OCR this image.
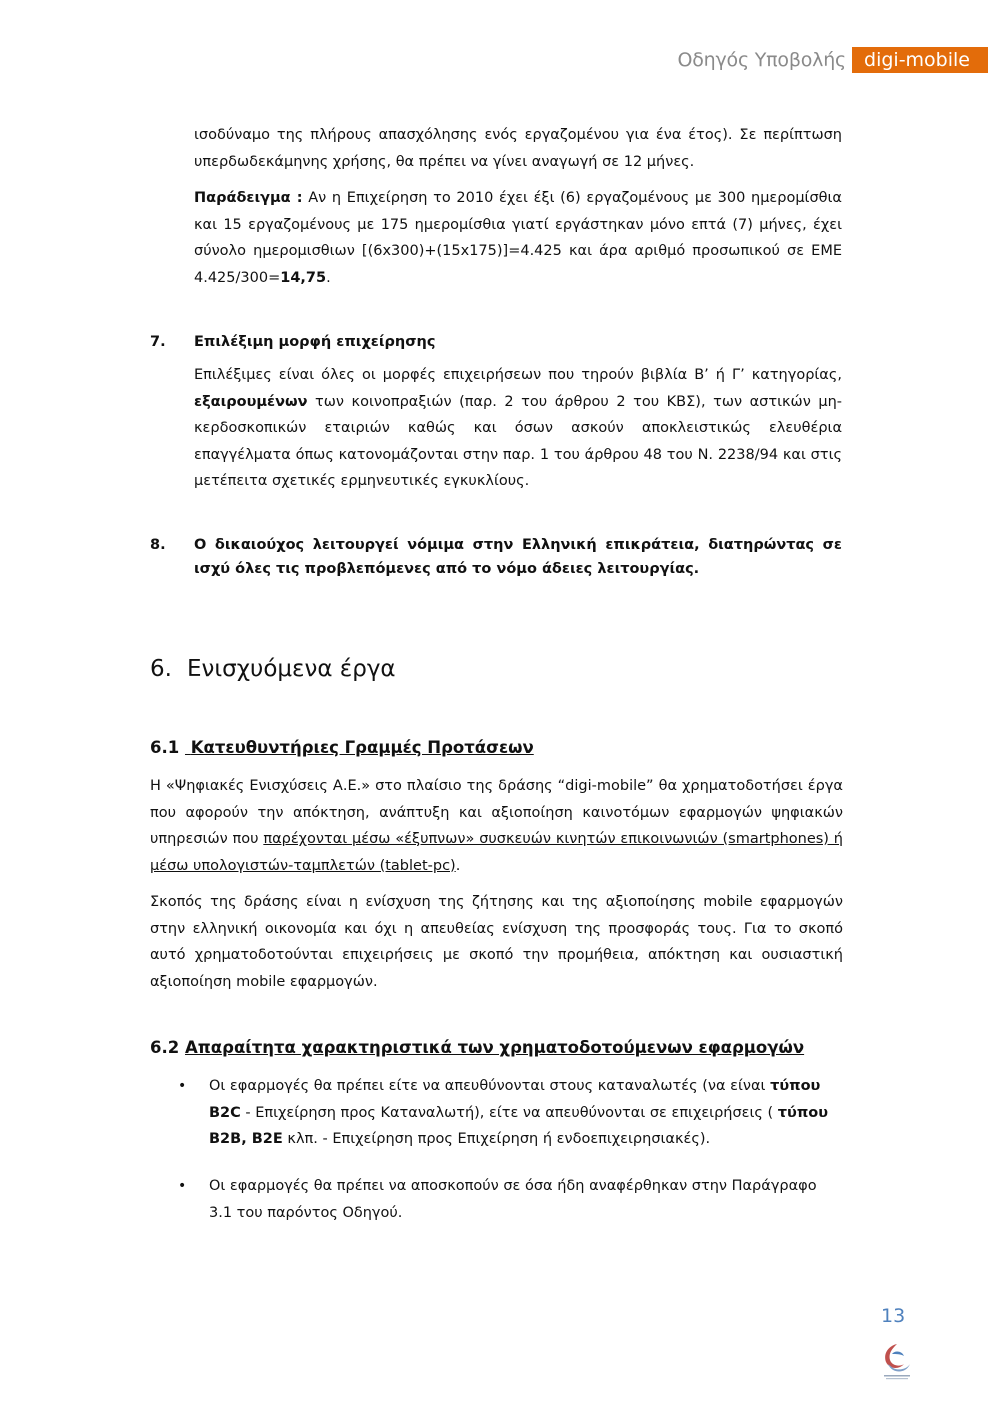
Οδηγός Υποβολής digi-mobile

ισοδύναμο της πλήρους απασχόλησης ενός εργαζομένου για ένα έτος). Σε περίπτωση υπερδωδεκάμηνης χρήσης, θα πρέπει να γίνει αναγωγή σε 12 μήνες.

Παράδειγμα : Αν η Επιχείρηση το 2010 έχει έξι (6) εργαζομένους με 300 ημερομίσθια και 15 εργαζομένους με 175 ημερομίσθια γιατί εργάστηκαν μόνο επτά (7) μήνες, έχει σύνολο ημερομισθιων [(6x300)+(15x175)]=4.425 και άρα αριθμό προσωπικού σε ΕΜΕ 4.425/300=14,75.

7. Επιλέξιμη μορφή επιχείρησης

Επιλέξιμες είναι όλες οι μορφές επιχειρήσεων που τηρούν βιβλία Β’ ή Γ’ κατηγορίας, εξαιρουμένων των κοινοπραξιών (παρ. 2 του άρθρου 2 του ΚΒΣ), των αστικών μη-κερδοσκοπικών εταιριών καθώς και όσων ασκούν αποκλειστικώς ελευθέρια επαγγέλματα όπως κατονομάζονται στην παρ. 1 του άρθρου 48 του Ν. 2238/94 και στις μετέπειτα σχετικές ερμηνευτικές εγκυκλίους.

8. Ο δικαιούχος λειτουργεί νόμιμα στην Ελληνική επικράτεια, διατηρώντας σε ισχύ όλες τις προβλεπόμενες από το νόμο άδειες λειτουργίας.

6. Ενισχυόμενα έργα
6.1 Κατευθυντήριες Γραμμές Προτάσεων

Η «Ψηφιακές Ενισχύσεις Α.Ε.» στο πλαίσιο της δράσης “digi-mobile” θα χρηματοδοτήσει έργα που αφορούν την απόκτηση, ανάπτυξη και αξιοποίηση καινοτόμων εφαρμογών ψηφιακών υπηρεσιών που παρέχονται μέσω «έξυπνων» συσκευών κινητών επικοινωνιών (smartphones) ή μέσω υπολογιστών-ταμπλετών (tablet-pc).

Σκοπός της δράσης είναι η ενίσχυση της ζήτησης και της αξιοποίησης mobile εφαρμογών στην ελληνική οικονομία και όχι η απευθείας ενίσχυση της προσφοράς τους. Για το σκοπό αυτό χρηματοδοτούνται επιχειρήσεις με σκοπό την προμήθεια, απόκτηση και ουσιαστική αξιοποίηση mobile εφαρμογών.

6.2 Απαραίτητα χαρακτηριστικά των χρηματοδοτούμενων εφαρμογών
• Οι εφαρμογές θα πρέπει είτε να απευθύνονται στους καταναλωτές (να είναι τύπου B2C - Επιχείρηση προς Καταναλωτή), είτε να απευθύνονται σε επιχειρήσεις ( τύπου B2B, B2E κλπ. - Επιχείρηση προς Επιχείρηση ή ενδοεπιχειρησιακές).

• Οι εφαρμογές θα πρέπει να αποσκοπούν σε όσα ήδη αναφέρθηκαν στην Παράγραφο 3.1 του παρόντος Οδηγού.

13
